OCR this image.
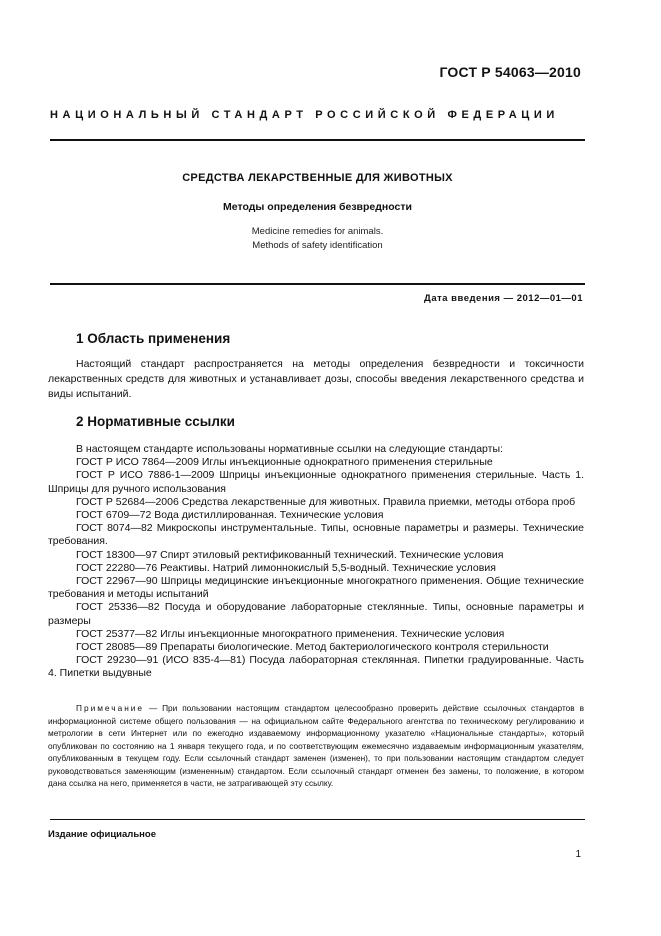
ГОСТ Р 54063—2010
НАЦИОНАЛЬНЫЙ СТАНДАРТ РОССИЙСКОЙ ФЕДЕРАЦИИ
СРЕДСТВА ЛЕКАРСТВЕННЫЕ ДЛЯ ЖИВОТНЫХ
Методы определения безвредности
Medicine remedies for animals.
Methods of safety identification
Дата введения — 2012—01—01
1 Область применения

Настоящий стандарт распространяется на методы определения безвредности и токсичности лекарственных средств для животных и устанавливает дозы, способы введения лекарственного средства и виды испытаний.

2 Нормативные ссылки

В настоящем стандарте использованы нормативные ссылки на следующие стандарты:

ГОСТ Р ИСО 7864—2009 Иглы инъекционные однократного применения стерильные

ГОСТ Р ИСО 7886-1—2009 Шприцы инъекционные однократного применения стерильные. Часть 1. Шприцы для ручного использования

ГОСТ Р 52684—2006 Средства лекарственные для животных. Правила приемки, методы отбора проб

ГОСТ 6709—72 Вода дистиллированная. Технические условия

ГОСТ 8074—82 Микроскопы инструментальные. Типы, основные параметры и размеры. Технические требования.

ГОСТ 18300—97 Спирт этиловый ректификованный технический. Технические условия

ГОСТ 22280—76 Реактивы. Натрий лимоннокислый 5,5-водный. Технические условия

ГОСТ 22967—90 Шприцы медицинские инъекционные многократного применения. Общие технические требования и методы испытаний

ГОСТ 25336—82 Посуда и оборудование лабораторные стеклянные. Типы, основные параметры и размеры

ГОСТ 25377—82 Иглы инъекционные многократного применения. Технические условия

ГОСТ 28085—89 Препараты биологические. Метод бактериологического контроля стерильности

ГОСТ 29230—91 (ИСО 835-4—81) Посуда лабораторная стеклянная. Пипетки градуированные. Часть 4. Пипетки выдувные

Примечание — При пользовании настоящим стандартом целесообразно проверить действие ссылочных стандартов в информационной системе общего пользования — на официальном сайте Федерального агентства по техническому регулированию и метрологии в сети Интернет или по ежегодно издаваемому информационному указателю «Национальные стандарты», который опубликован по состоянию на 1 января текущего года, и по соответствующим ежемесячно издаваемым информационным указателям, опубликованным в текущем году. Если ссылочный стандарт заменен (изменен), то при пользовании настоящим стандартом следует руководствоваться заменяющим (измененным) стандартом. Если ссылочный стандарт отменен без замены, то положение, в котором дана ссылка на него, применяется в части, не затрагивающей эту ссылку.

Издание официальное
1
